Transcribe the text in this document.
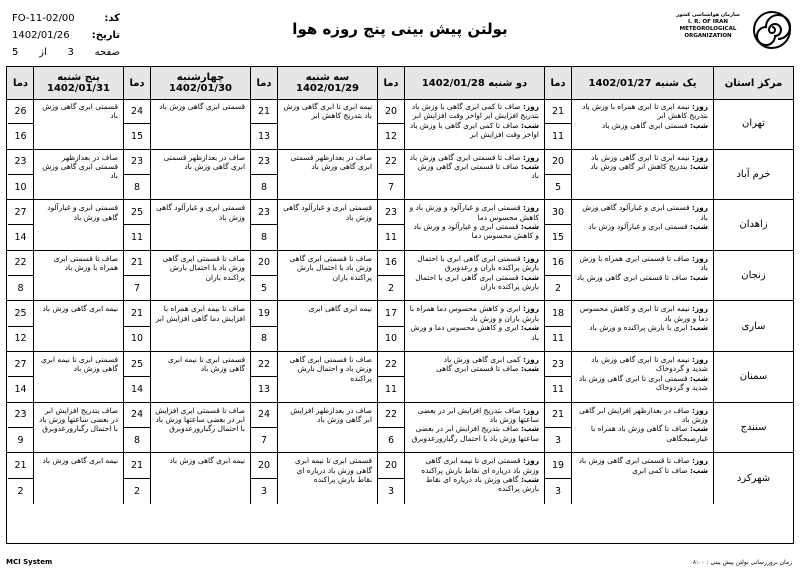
کد:
FO-11-02/00
تاریخ:
1402/01/26
صفحه
3
از
5
بولتن پیش بینی پنج روزه هوا
سازمان هواشناسی کشور
I. R. OF IRAN
METEOROLOGICAL
ORGANIZATION
مرکز استان
یک شنبه 1402/01/27
دما
دو شنبه 1402/01/28
دما
سه شنبه 1402/01/29
دما
چهارشنبه 1402/01/30
دما
پنج شنبه 1402/01/31
دما
تهران
روز: نیمه ابری تا ابری همراه با وزش باد بتدریج کاهش ابر
شب: قسمتی ابری گاهی وزش باد
21
11
روز: صاف تا کمی ابری گاهی با وزش باد بتدریج افزایش ابر اواخر وقت افزایش ابر
شب: صاف تا کمی ابری گاهی با وزش باد اواخر وقت افزایش ابر
20
12
نیمه ابری تا ابری گاهی وزش باد بتدریج کاهش ابر
21
13
قسمتی ابری گاهی وزش باد
24
15
قسمتی ابری گاهی وزش باد
26
16
خرم آباد
روز: نیمه ابری تا ابری گاهی وزش باد
شب: بتدریج کاهش ابر گاهی وزش باد
20
5
روز: صاف تا قسمتی ابری گاهی وزش باد
شب: صاف تا قسمتی ابری گاهی وزش باد
22
7
صاف در بعدازظهر قسمتی ابری گاهی وزش باد
23
8
صاف در بعدازظهر قسمتی ابری گاهی وزش باد
23
8
صاف در بعدازظهر قسمتی ابری گاهی وزش باد
23
10
زاهدان
روز: قسمتی ابری و غبارآلود گاهی وزش باد
شب: قسمتی ابری و غبارآلود وزش باد
30
15
روز: قسمتی ابری و غبارآلود و وزش باد و کاهش محسوس دما
شب: قسمتی ابری و غبارآلود و وزش باد و کاهش محسوس دما
23
11
قسمتی ابری و غبارآلود گاهی وزش باد
23
8
قسمتی ابری و غبارآلود گاهی وزش باد
25
11
قسمتی ابری و غبارآلود گاهی وزش باد
27
14
زنجان
روز: صاف تا قسمتی ابری همراه با وزش باد
شب: صاف تا قسمتی ابری گاهی وزش باد
16
2
روز: قسمتی ابری گاهی ابری با احتمال بارش پراکنده باران و رعدوبرق
شب: قسمتی ابری گاهی ابری با احتمال بارش پراکنده باران
16
2
صاف تا قسمتی ابری گاهی وزش باد با احتمال بارش پراکنده باران
20
5
صاف تا قسمتی ابری گاهی وزش باد با احتمال بارش پراکنده باران
21
7
صاف تا قسمتی ابری همراه با وزش باد
22
8
ساری
روز: نیمه ابری تا ابری و کاهش محسوس دما و وزش باد
شب: ابری با بارش پراکنده و وزش باد
18
11
روز: ابری و کاهش محسوس دما همراه با بارش باران و وزش باد
شب: ابری و کاهش محسوس دما و وزش باد
17
10
نیمه ابری گاهی ابری
19
8
صاف تا نیمه ابری همراه با افزایش دما گاهی افزایش ابر
21
10
نیمه ابری گاهی وزش باد
25
12
سمنان
روز: نیمه ابری تا ابری گاهی وزش باد شدید و گردوخاک
شب: قسمتی ابری تا ابری گاهی وزش باد شدید و گردوخاک
23
11
روز: کمی ابری گاهی وزش باد
شب: صاف تا قسمتی ابری گاهی
22
11
صاف تا قسمتی ابری گاهی وزش باد و احتمال بارش پراکنده
22
13
قسمتی ابری تا نیمه ابری گاهی وزش باد
25
14
قسمتی ابری تا نیمه ابری گاهی وزش باد
27
14
سنندج
روز: صاف در بعدازظهر افزایش ابر گاهی وزش باد
شب: صاف تا گاهی وزش باد همراه با غبارصبحگاهی
21
3
روز: صاف بتدریج افزایش ابر در بعضی ساعتها وزش باد
شب: صاف بتدریج افزایش ابر در بعضی ساعتها وزش باد با احتمال رگبارورعدوبرق
22
6
صاف در بعدازظهر افزایش ابر گاهی وزش باد
24
7
صاف تا قسمتی ابری افزایش ابر در بعضی ساعتها وزش باد با احتمال رگبارورعدوبرق
24
8
صاف بتدریج افزایش ابر در بعضی ساعتها وزش باد با احتمال رگبارورعدوبرق
23
9
شهرکرد
روز: صاف تا قسمتی ابری گاهی وزش باد
شب: صاف تا کمی ابری
19
3
روز: قسمتی ابری تا نیمه ابری گاهی وزش باد دریاره ای نقاط بارش پراکنده
شب: گاهی وزش باد دریاره ای نقاط بارش پراکنده
20
3
قسمتی ابری تا نیمه ابری گاهی وزش باد دریاره ای نقاط بارش پراکنده
20
3
نیمه ابری گاهی وزش باد
21
2
نیمه ابری گاهی وزش باد
21
2
MCI System	زمان بروزرسانی بولتن پیش بینی : ۰۸:۰۰
